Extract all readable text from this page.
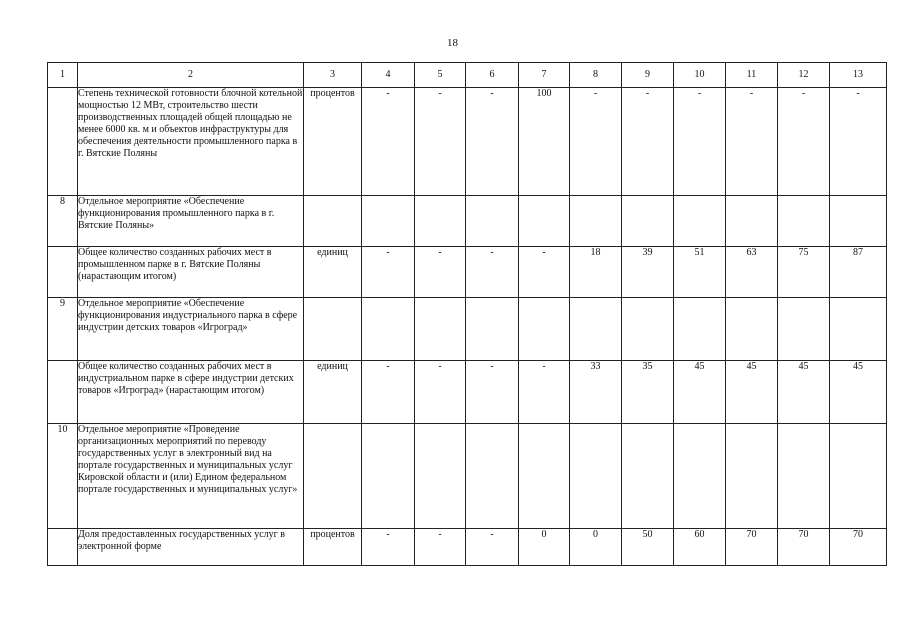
18
1	2	3	4	5	6	7	8	9	10	11	12	13
	Степень технической готовности блочной котельной мощностью 12 МВт, строительство шести производственных площадей общей площадью не менее 6000 кв. м и объектов инфраструктуры для обеспечения деятельности промышленного парка в г. Вятские Поляны	процентов	-	-	-	100	-	-	-	-	-	-
8	Отдельное мероприятие «Обеспечение функционирования промышленного парка в г. Вятские Поляны»											
	Общее количество созданных рабочих мест в промышленном парке в г. Вятские Поляны (нарастающим итогом)	единиц	-	-	-	-	18	39	51	63	75	87
9	Отдельное мероприятие «Обеспечение функционирования индустриального парка в сфере индустрии детских товаров «Игроград»											
	Общее количество созданных рабочих мест в индустриальном парке в сфере индустрии детских товаров «Игроград» (нарастающим итогом)	единиц	-	-	-	-	33	35	45	45	45	45
10	Отдельное мероприятие «Проведение организационных мероприятий по переводу государственных услуг в электронный вид на портале государственных и муниципальных услуг Кировской области и (или) Едином федеральном портале государственных и муниципальных услуг»											
	Доля предоставленных государственных услуг в электронной форме	процентов	-	-	-	0	0	50	60	70	70	70
